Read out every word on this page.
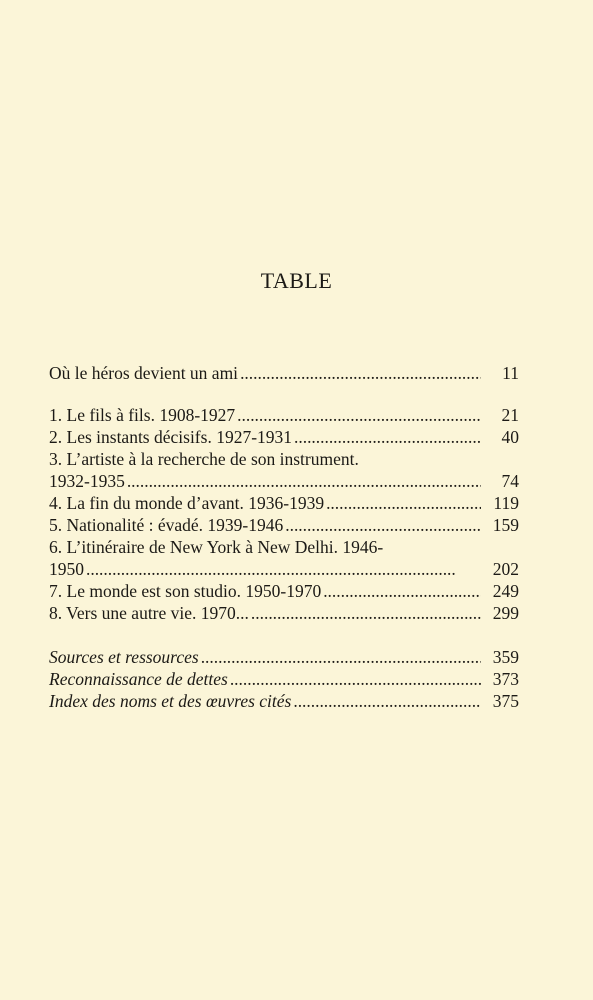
TABLE
Où le héros devient un ami . . .	11
1. Le fils à fils. 1908-1927 . . .	21
2. Les instants décisifs. 1927-1931 . . .	40
3. L’artiste à la recherche de son instrument.
1932-1935 . . .	74
4. La fin du monde d’avant. 1936-1939 . . .	119
5. Nationalité : évadé. 1939-1946 . . .	159
6. L’itinéraire de New York à New Delhi. 1946-
1950 . . .	202
7. Le monde est son studio. 1950-1970 . . .	249
8. Vers une autre vie. 1970... . . .	299
Sources et ressources . . .	359
Reconnaissance de dettes . . .	373
Index des noms et des œuvres cités . . .	375
